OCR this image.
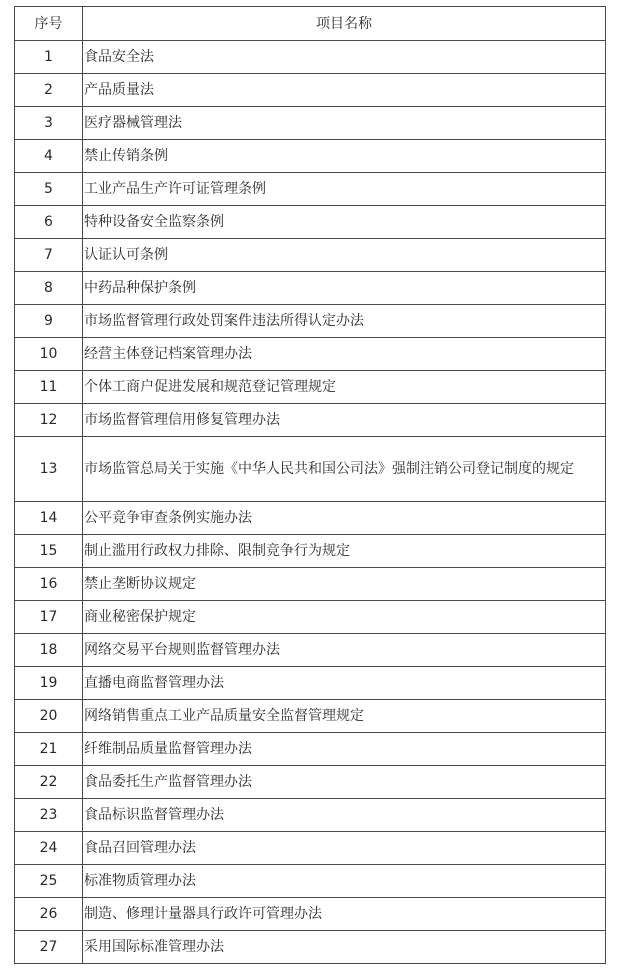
序号	项目名称
1	食品安全法
2	产品质量法
3	医疗器械管理法
4	禁止传销条例
5	工业产品生产许可证管理条例
6	特种设备安全监察条例
7	认证认可条例
8	中药品种保护条例
9	市场监督管理行政处罚案件违法所得认定办法
10	经营主体登记档案管理办法
11	个体工商户促进发展和规范登记管理规定
12	市场监督管理信用修复管理办法
13	市场监管总局关于实施《中华人民共和国公司法》强制注销公司登记制度的规定
14	公平竞争审查条例实施办法
15	制止滥用行政权力排除、限制竞争行为规定
16	禁止垄断协议规定
17	商业秘密保护规定
18	网络交易平台规则监督管理办法
19	直播电商监督管理办法
20	网络销售重点工业产品质量安全监督管理规定
21	纤维制品质量监督管理办法
22	食品委托生产监督管理办法
23	食品标识监督管理办法
24	食品召回管理办法
25	标准物质管理办法
26	制造、修理计量器具行政许可管理办法
27	采用国际标准管理办法
